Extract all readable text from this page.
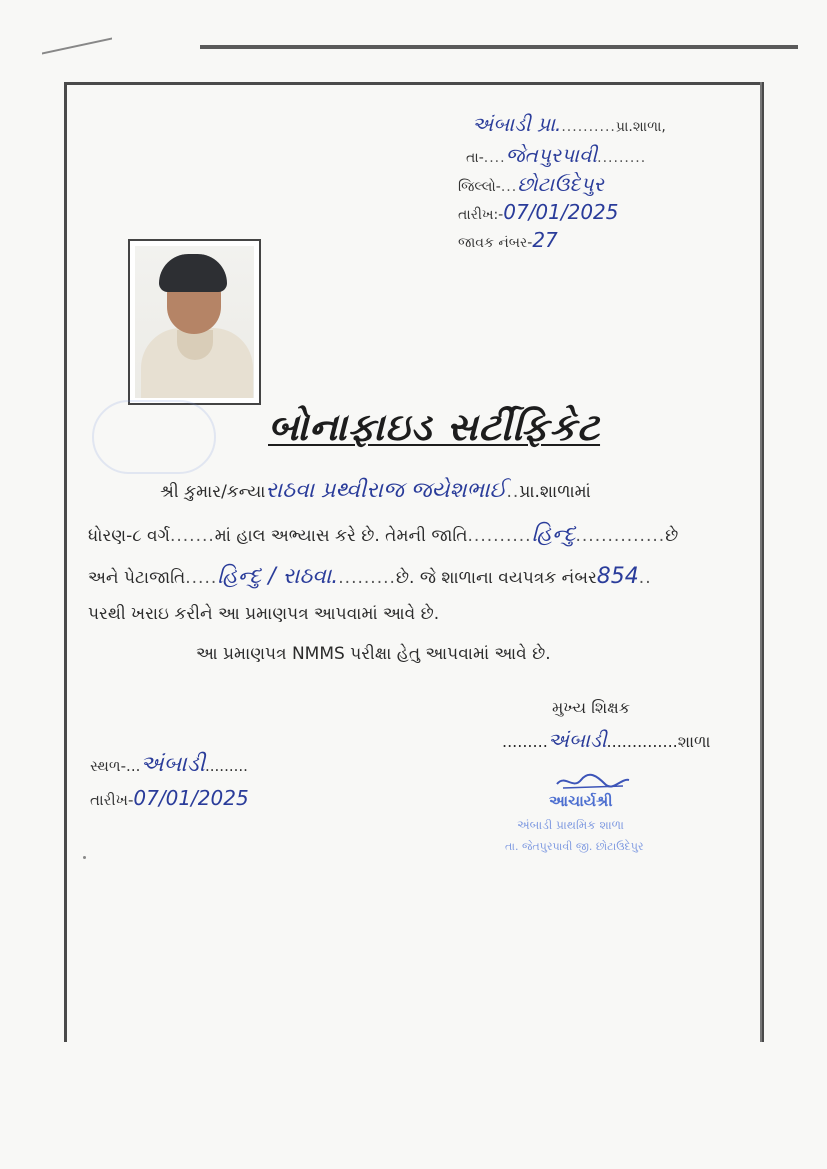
અંબાડી પ્રા...........પ્રા.શાળા,
તા-....જેતપુરપાવી.........
જિલ્લો-...છોટાઉદેપુર
તારીખ:-07/01/2025
જાવક નંબર-27
બોનાફાઇડ સર્ટીફિકેટ
શ્રી કુમાર/કન્યારાઠવા પ્રથ્વીરાજ જયેશભાઈ..પ્રા.શાળામાં
ધોરણ-૮ વર્ગ.......માં હાલ અભ્યાસ કરે છે. તેમની જાતિ..........હિન્દુ..............છે
અને પેટાજાતિ.....હિન્દુ / રાઠવા..........છે. જે શાળાના વયપત્રક નંબર854..
પરથી ખરાઇ કરીને આ પ્રમાણપત્ર આપવામાં આવે છે.
આ પ્રમાણપત્ર NMMS પરીક્ષા હેતુ આપવામાં આવે છે.
મુખ્ય શિક્ષક
.........અંબાડી..............શાળા
સ્થળ-...અંબાડી.........
તારીખ-07/01/2025	આચાર્યશ્રી
અંબાડી પ્રાથમિક શાળા
તા. જેતપુરપાવી જી. છોટાઉદેપુર
